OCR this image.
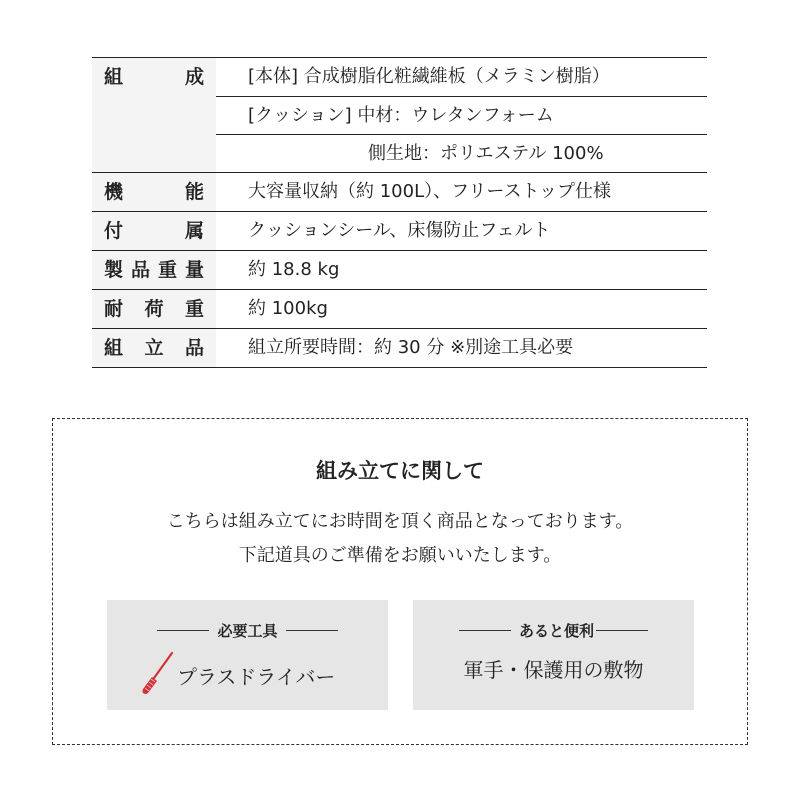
組	成	[本体] 合成樹脂化粧繊維板（メラミン樹脂）
[クッション] 中材：ウレタンフォーム
側生地：ポリエステル 100%
機	能	大容量収納（約 100L）、フリーストップ仕様
付	属	クッションシール、床傷防止フェルト
製 品 重 量	約 18.8 kg
耐 荷 重	約 100kg
組 立 品	組立所要時間：約 30 分 ※別途工具必要
組み立てに関して
こちらは組み立てにお時間を頂く商品となっております。
下記道具のご準備をお願いいたします。
必要工具
プラスドライバー
あると便利
軍手・保護用の敷物
